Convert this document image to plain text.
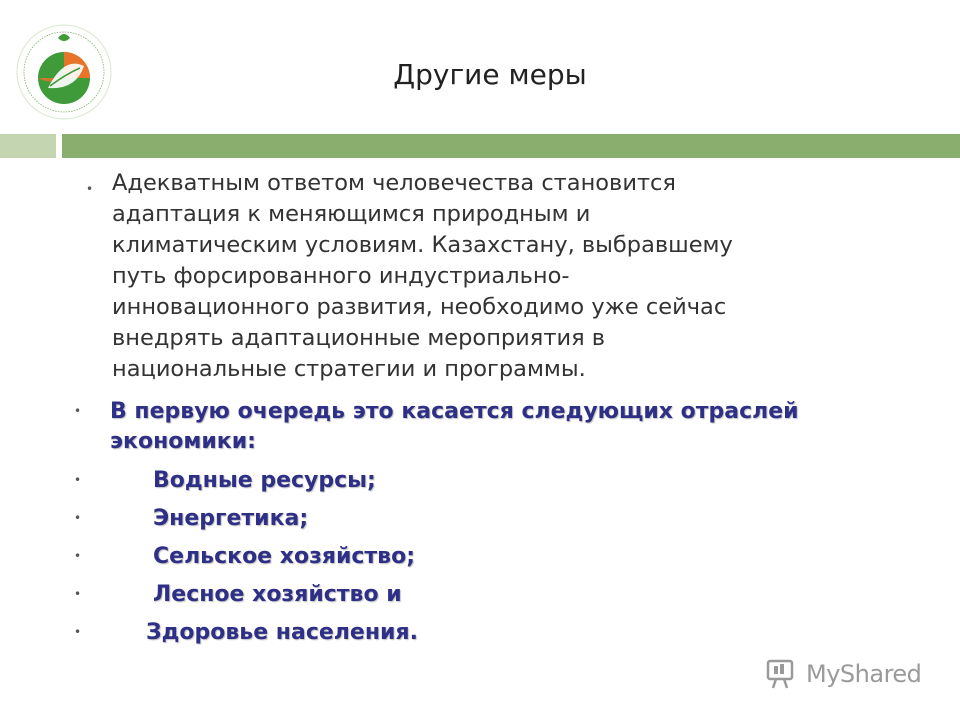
Другие меры
• Адекватным ответом человечества становится
адаптация к меняющимся природным и
климатическим условиям. Казахстану, выбравшему
путь форсированного индустриально-
инновационного развития, необходимо уже сейчас
внедрять адаптационные мероприятия в
национальные стратегии и программы.
• В первую очередь это касается следующих отраслей
экономики:
•	Водные ресурсы;
•	Энергетика;
•	Сельское хозяйство;
•	Лесное хозяйство и
•	Здоровье населения.
MyShared
